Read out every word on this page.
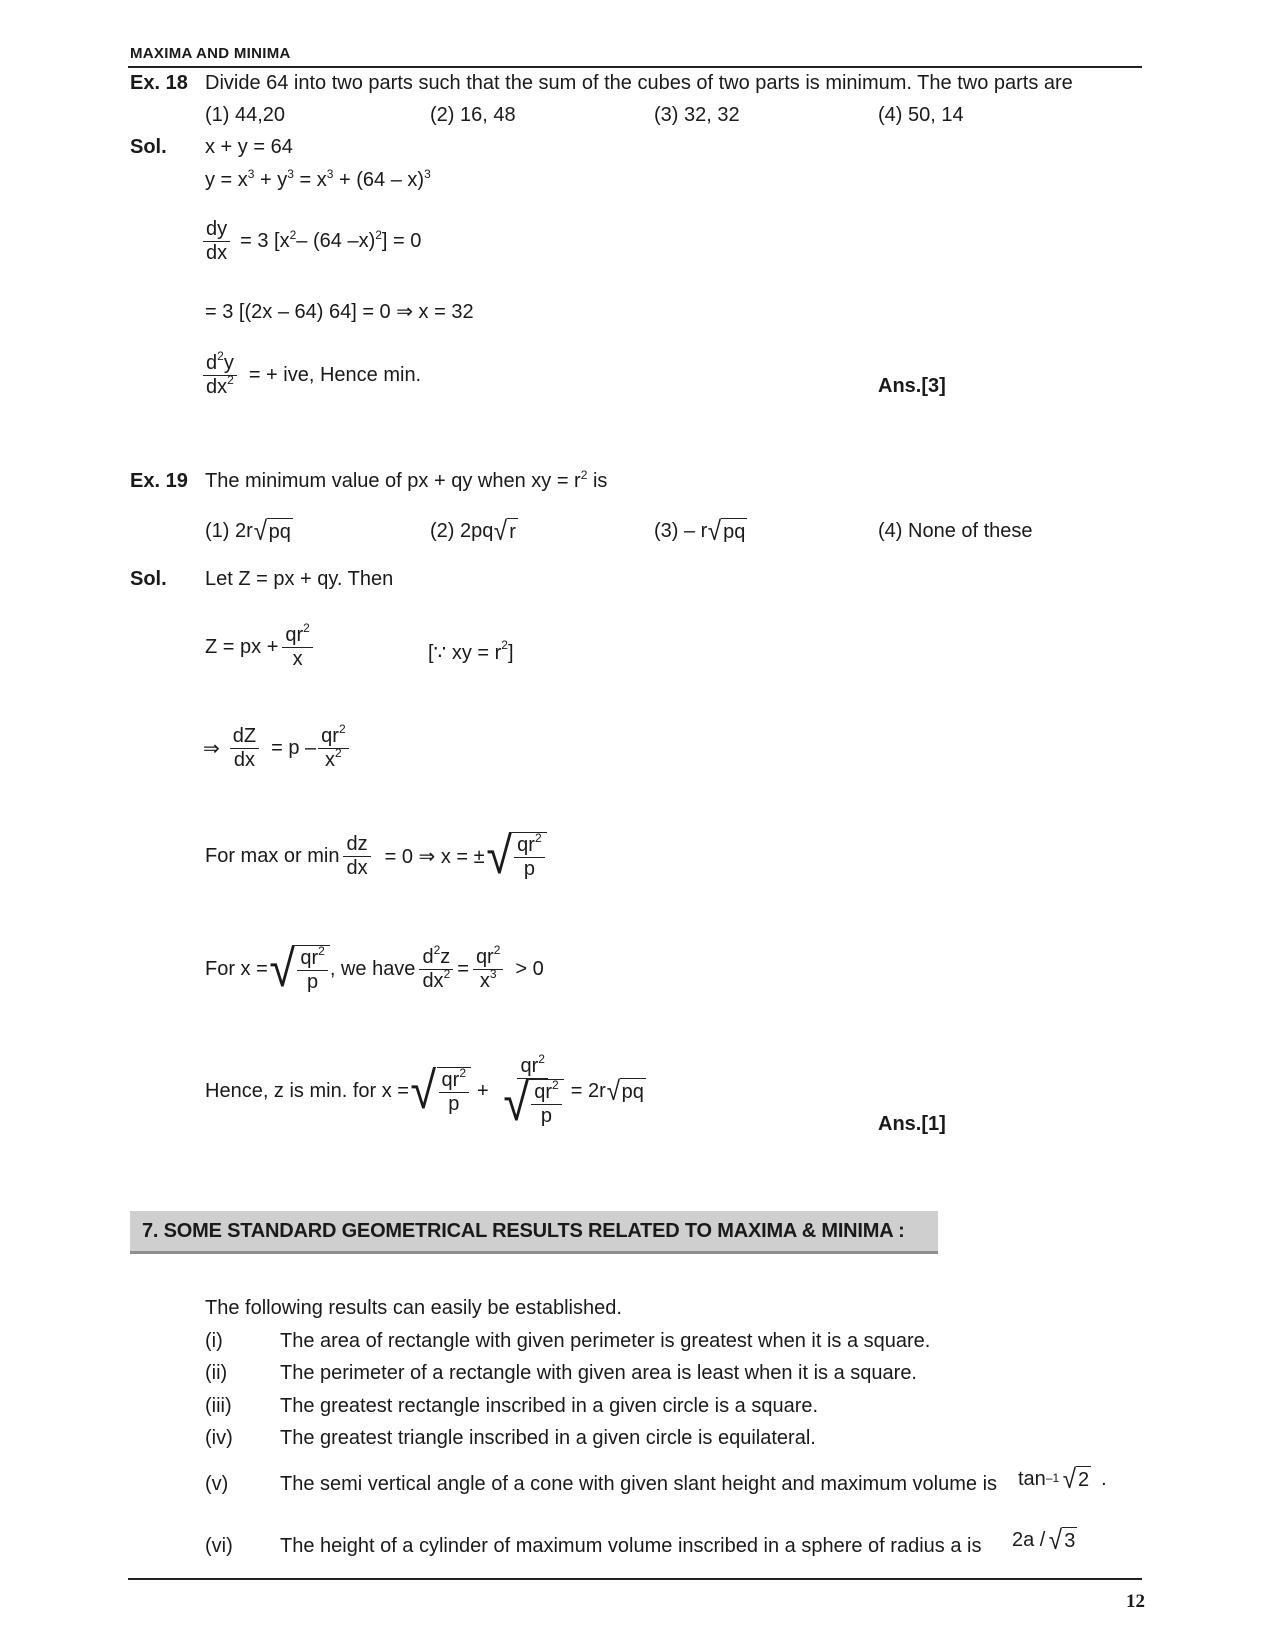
MAXIMA AND MINIMA
Ex. 18 Divide 64 into two parts such that the sum of the cubes of two parts is minimum. The two parts are
(1) 44,20	(2) 16, 48	(3) 32, 32	(4) 50, 14
Sol. x + y = 64
$y = x^3 + y^3 = x^3 + (64 - x)^3$
$\frac{dy}{dx} = 3$ [$x^2-$ (64 –x)$^2$] = 0
= 3 [(2x – 64) 64] = 0 ⇒ x = 32
$\frac{d^2y}{dx^2}$ = + ive, Hence min.	Ans.[3]
Ex. 19 The minimum value of px + qy when xy = $r^2$ is
(1) 2r √ pq	(2) 2pq √ r	(3) – r √ pq	(4) None of these
Sol. Let Z = px + qy. Then
Z = px + $\frac{qr^2}{x}$	[∵ xy = $r^2$]
⇒ $\frac{dZ}{dx} = p - \frac{qr^2}{x^2}$
For max or $\min \frac{dz}{dx} = 0$ ⇒ x = ± √ $\frac{qr^2}{p}$
For x = √ $\frac{qr^2}{p}$ , we have $\frac{d^2z}{dx^2} = \frac{qr^2}{x^3} > 0$
Hence, z is min. for x = √ $\frac{qr^2}{p} + \frac{qr^2}{√ \frac{qr^2}{p}} = 2r$ √ pq
Ans.[1]
7. SOME STANDARD GEOMETRICAL RESULTS RELATED TO MAXIMA & MINIMA :
The following results can easily be established.
(i)	The area of rectangle with given perimeter is greatest when it is a square.
(ii)	The perimeter of a rectangle with given area is least when it is a square.
(iii) The greatest rectangle inscribed in a given circle is a square.
(iv) The greatest triangle inscribed in a given circle is equilateral.
(v)	The semi vertical angle of a cone with given slant height and maximum volume is $\tan^{-1}$ √ 2 .
(vi) The height of a cylinder of maximum volume inscribed in a sphere of radius a is 2a / √ 3
12
